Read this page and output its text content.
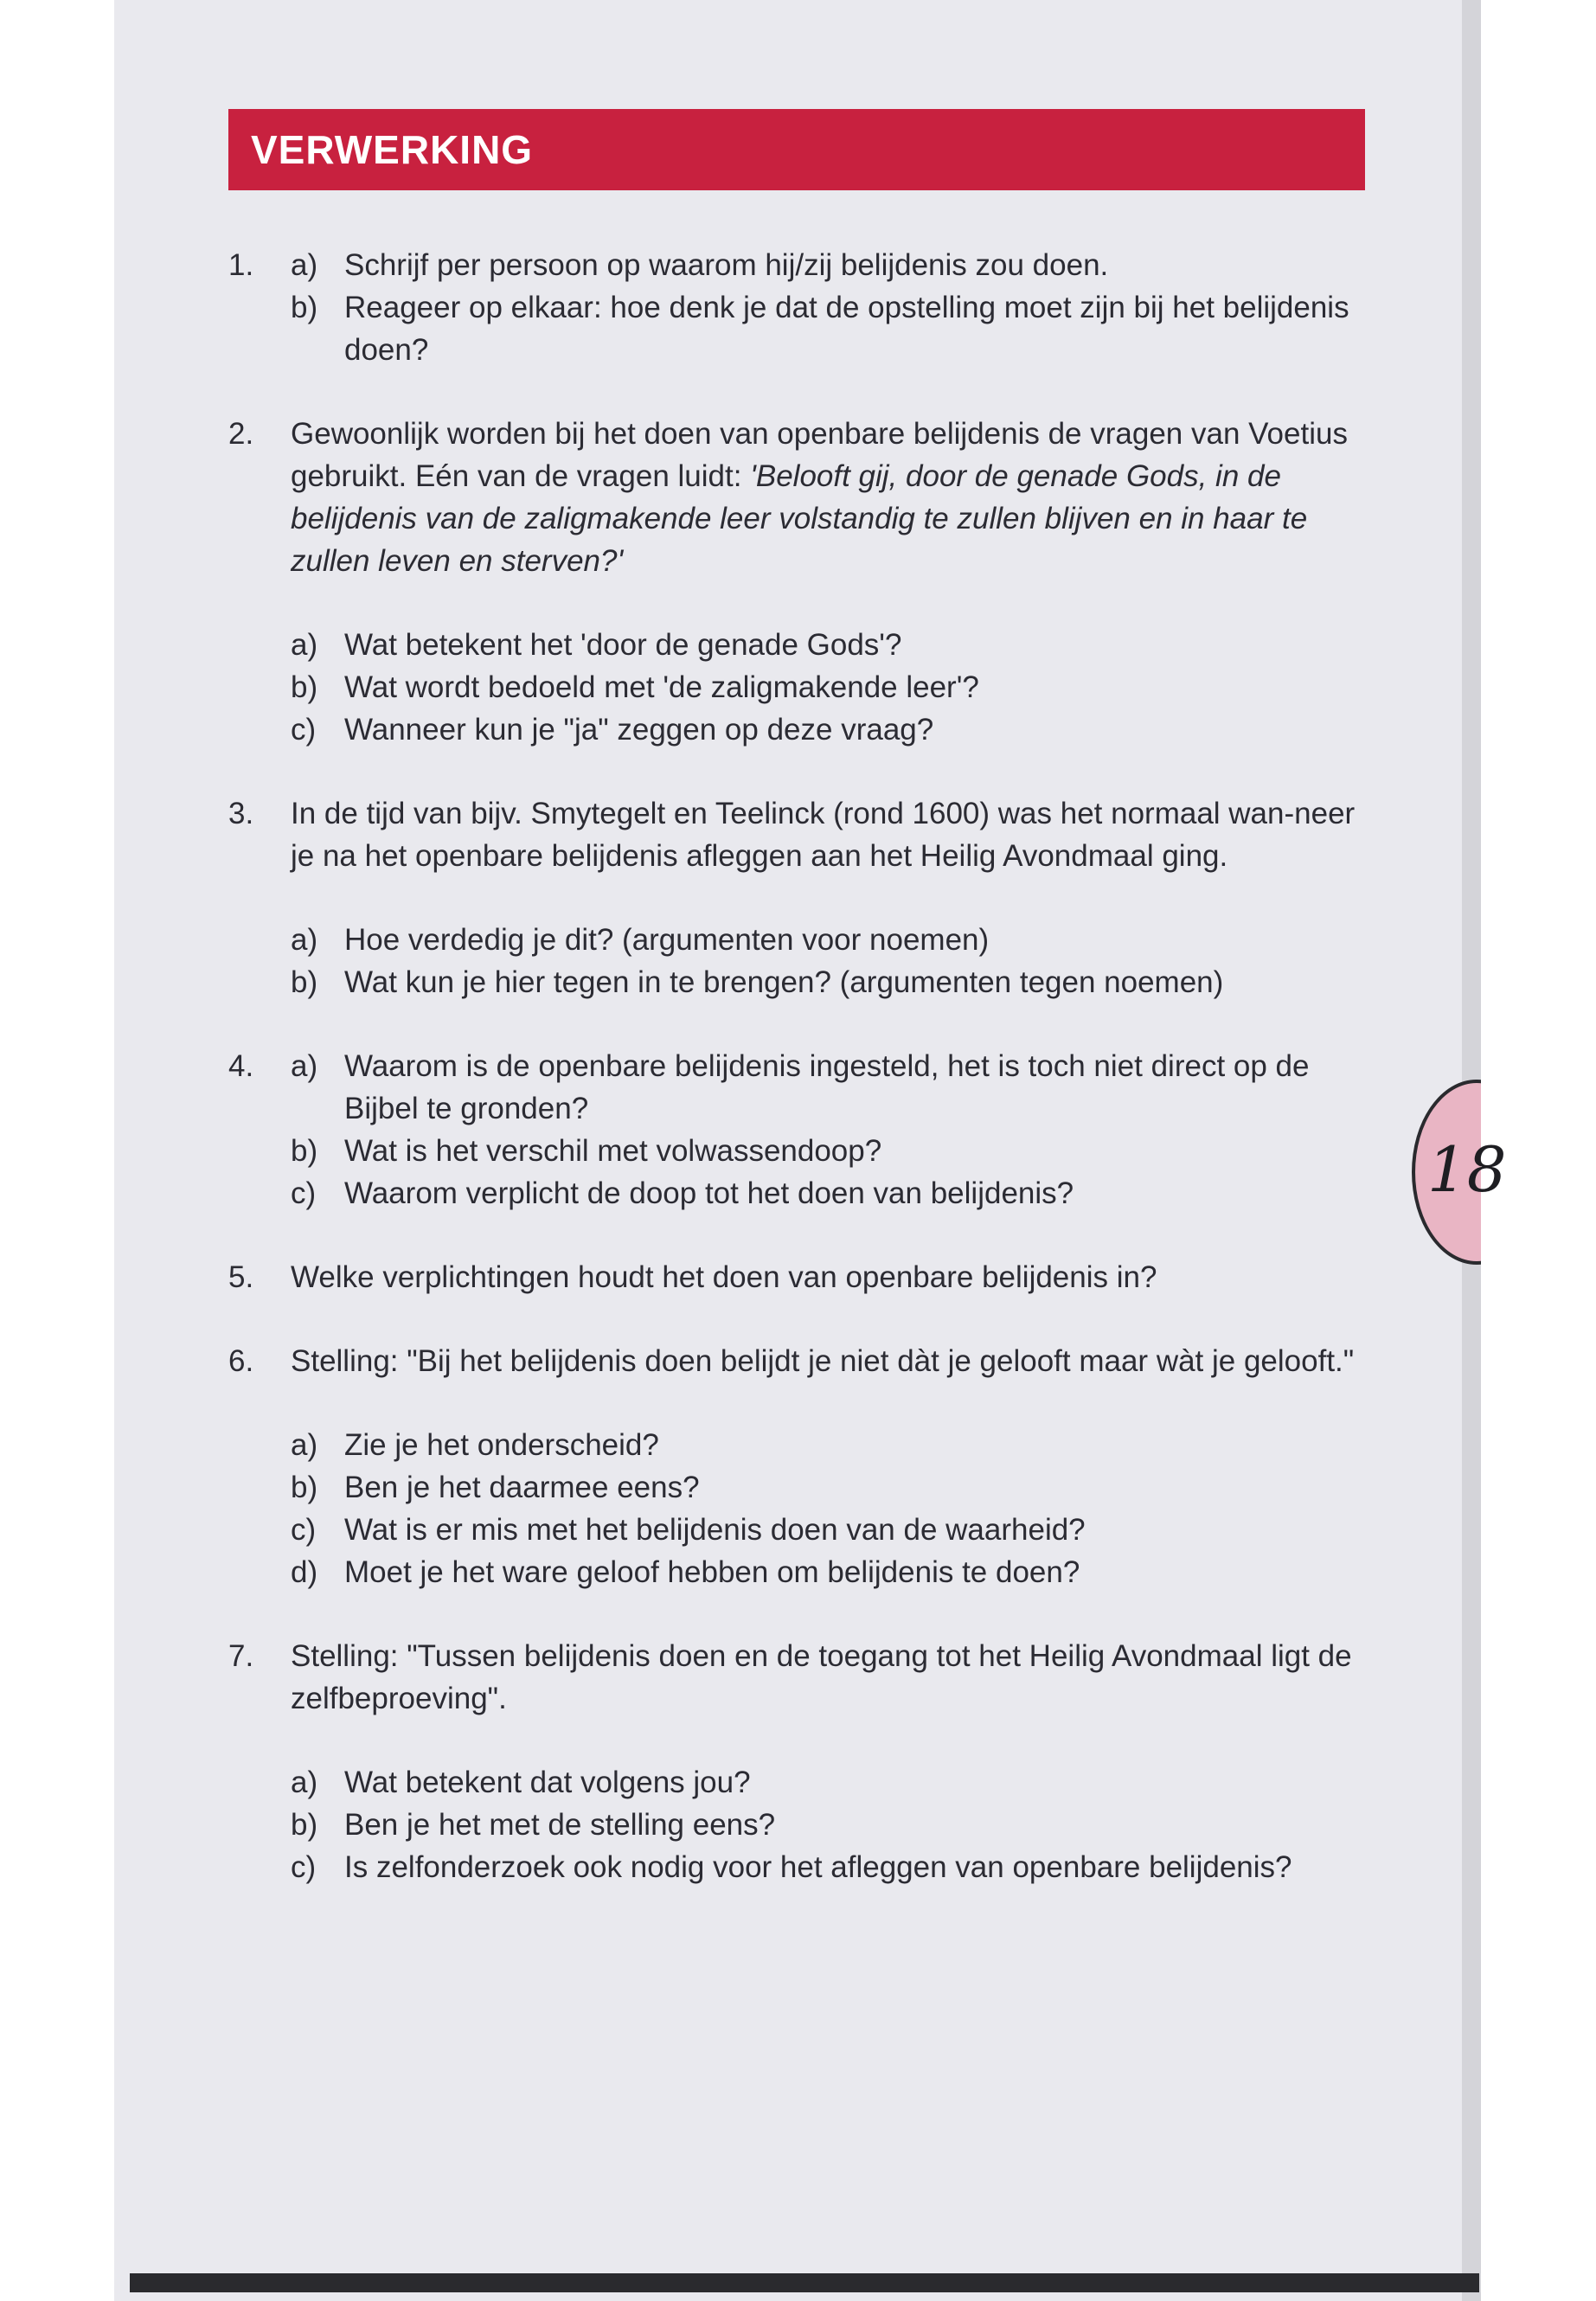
VERWERKING
1.	a) Schrijf per persoon op waarom hij/zij belijdenis zou doen.
b) Reageer op elkaar: hoe denk je dat de opstelling moet zijn bij het belijdenis doen?
2.	Gewoonlijk worden bij het doen van openbare belijdenis de vragen van Voetius gebruikt. Eén van de vragen luidt: 'Belooft gij, door de genade Gods, in de belijdenis van de zaligmakende leer volstandig te zullen blijven en in haar te zullen leven en sterven?'
a) Wat betekent het 'door de genade Gods'?
b) Wat wordt bedoeld met 'de zaligmakende leer'?
c) Wanneer kun je "ja" zeggen op deze vraag?
3.	In de tijd van bijv. Smytegelt en Teelinck (rond 1600) was het normaal wan-neer je na het openbare belijdenis afleggen aan het Heilig Avondmaal ging.
a) Hoe verdedig je dit? (argumenten voor noemen)
b) Wat kun je hier tegen in te brengen? (argumenten tegen noemen)
4.	a) Waarom is de openbare belijdenis ingesteld, het is toch niet direct op de Bijbel te gronden?
b) Wat is het verschil met volwassendoop?
c) Waarom verplicht de doop tot het doen van belijdenis?
5.	Welke verplichtingen houdt het doen van openbare belijdenis in?
6.	Stelling: "Bij het belijdenis doen belijdt je niet dàt je gelooft maar wàt je gelooft."
a) Zie je het onderscheid?
b) Ben je het daarmee eens?
c) Wat is er mis met het belijdenis doen van de waarheid?
d) Moet je het ware geloof hebben om belijdenis te doen?
7.	Stelling: "Tussen belijdenis doen en de toegang tot het Heilig Avondmaal ligt de zelfbeproeving".
a) Wat betekent dat volgens jou?
b) Ben je het met de stelling eens?
c) Is zelfonderzoek ook nodig voor het afleggen van openbare belijdenis?
18
